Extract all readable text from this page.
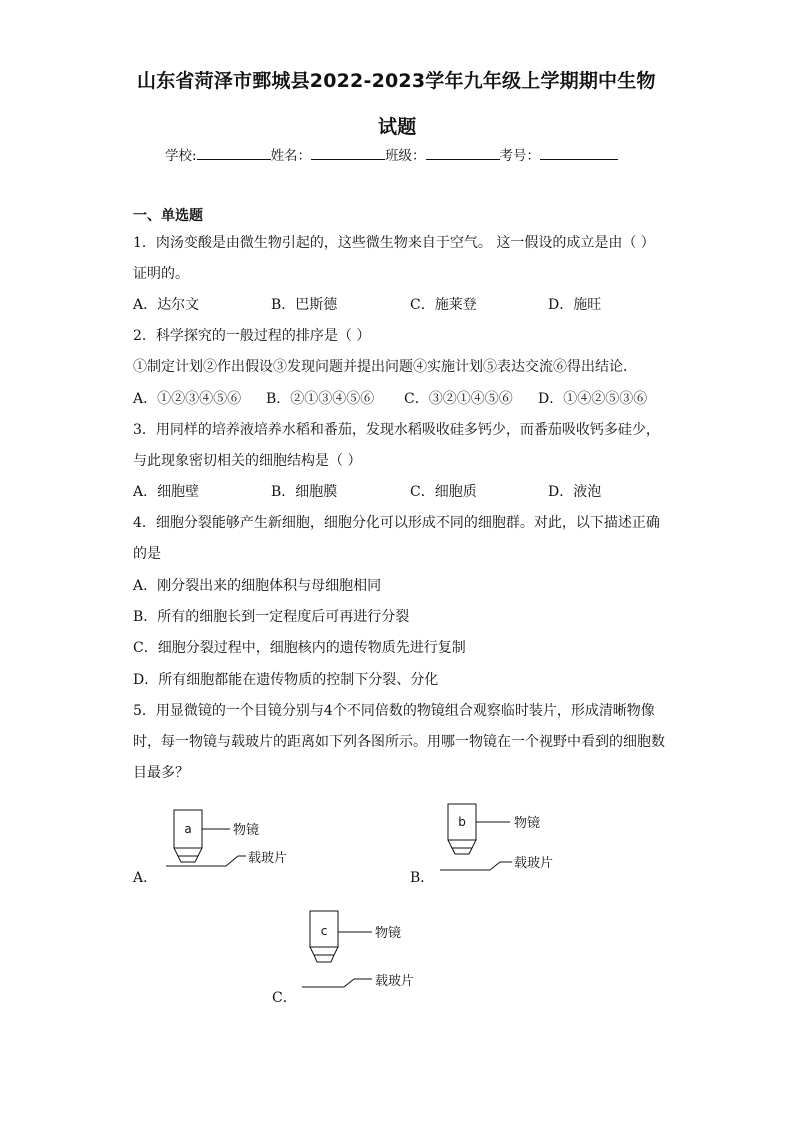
山东省菏泽市鄄城县2022-2023学年九年级上学期期中生物
试题
学校:	姓名：	班级：	考号：
一、单选题
1．肉汤变酸是由微生物引起的，这些微生物来自于空气。 这一假设的成立是由（ ）
证明的。
A．达尔文	B．巴斯德	C．施莱登	D．施旺
2．科学探究的一般过程的排序是（ ）
①制定计划②作出假设③发现问题并提出问题④实施计划⑤表达交流⑥得出结论．
A．①②③④⑤⑥ B．②①③④⑤⑥ C．③②①④⑤⑥ D．①④②⑤③⑥
3．用同样的培养液培养水稻和番茄，发现水稻吸收硅多钙少，而番茄吸收钙多硅少，
与此现象密切相关的细胞结构是（ ）
A．细胞壁	B．细胞膜	C．细胞质	D．液泡
4．细胞分裂能够产生新细胞，细胞分化可以形成不同的细胞群。对此，以下描述正确
的是
A．刚分裂出来的细胞体积与母细胞相同
B．所有的细胞长到一定程度后可再进行分裂
C．细胞分裂过程中，细胞核内的遗传物质先进行复制
D．所有细胞都能在遗传物质的控制下分裂、分化
5．用显微镜的一个目镜分别与4个不同倍数的物镜组合观察临时装片，形成清晰物像
时，每一物镜与载玻片的距离如下列各图所示。用哪一物镜在一个视野中看到的细胞数
目最多？
a	物镜
载玻片
A．
b	物镜
载玻片
B．
c	物镜
载玻片
C．
